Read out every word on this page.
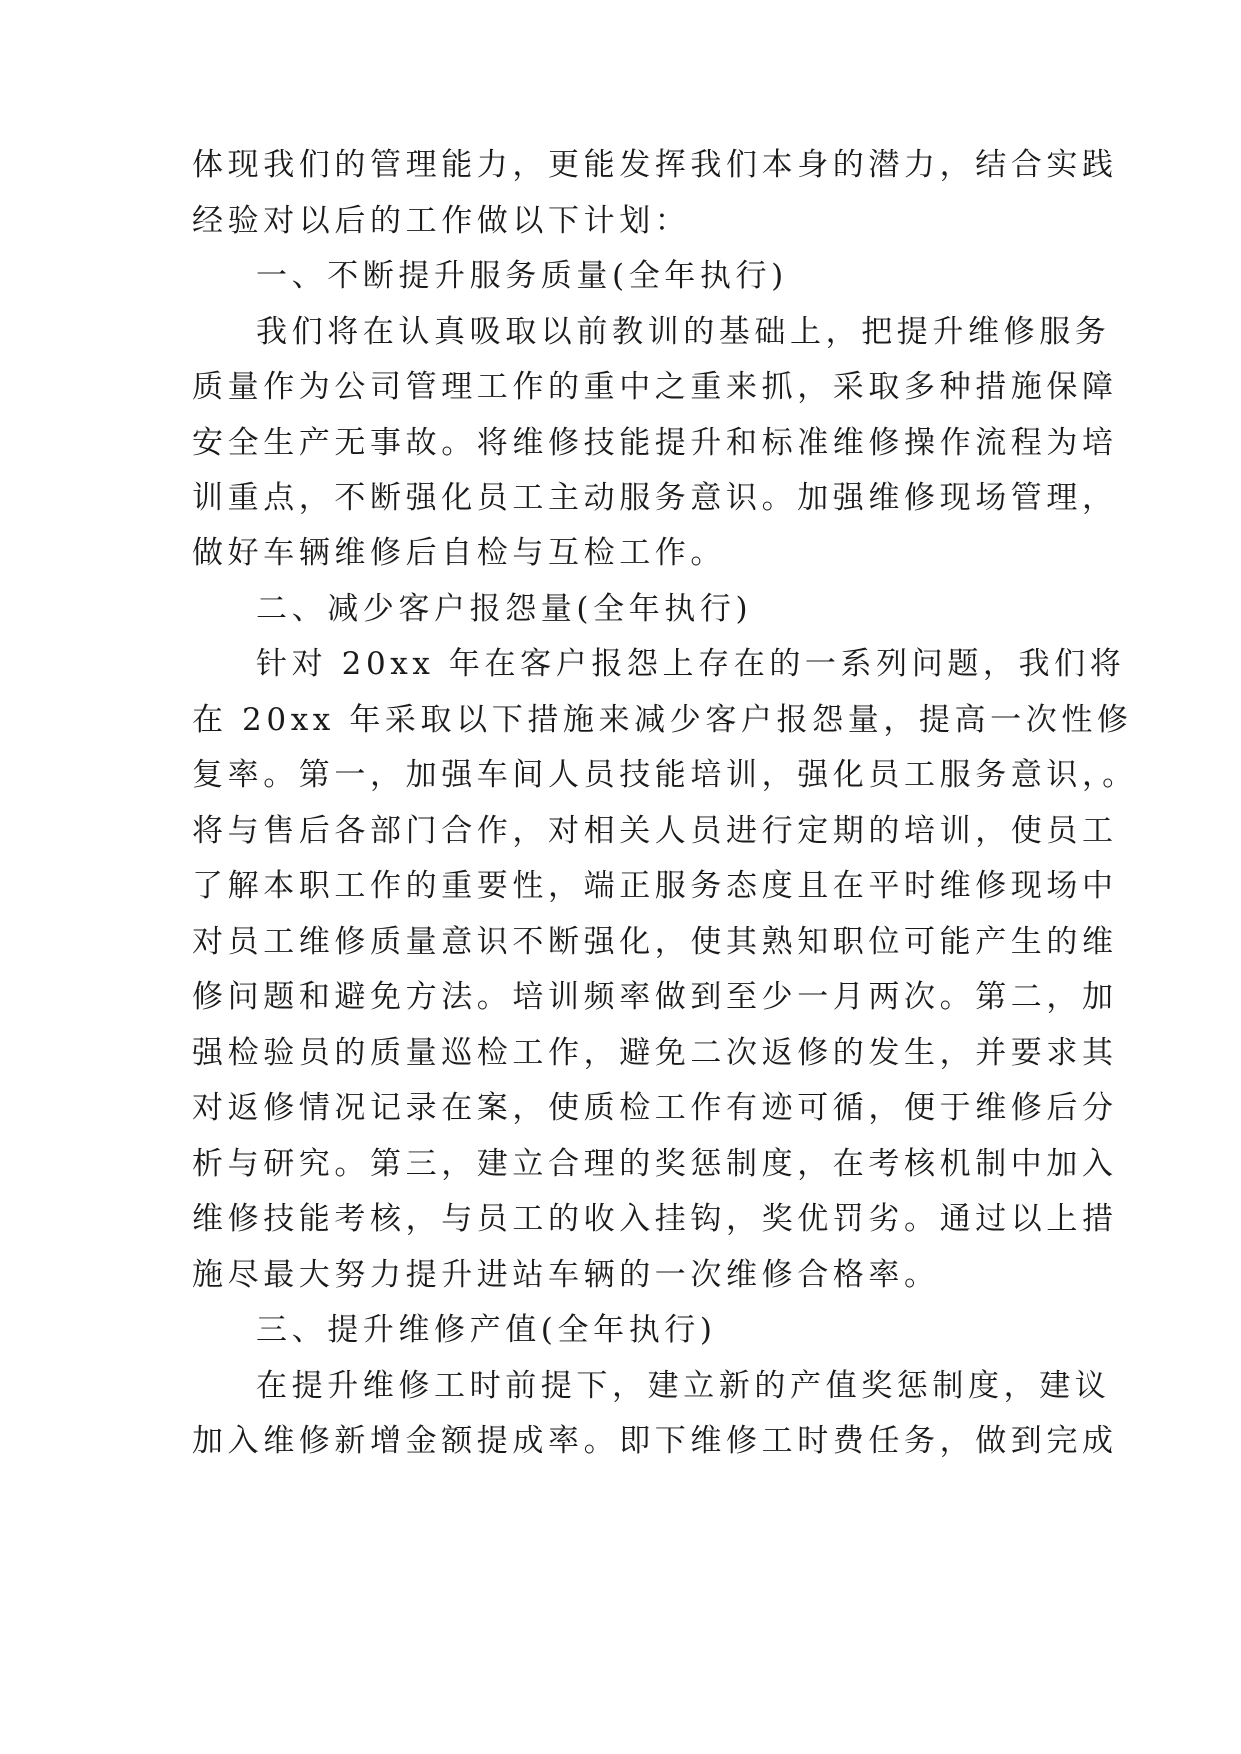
体现我们的管理能力，更能发挥我们本身的潜力，结合实践
经验对以后的工作做以下计划：
一、不断提升服务质量(全年执行)
我们将在认真吸取以前教训的基础上，把提升维修服务
质量作为公司管理工作的重中之重来抓，采取多种措施保障
安全生产无事故。将维修技能提升和标准维修操作流程为培
训重点，不断强化员工主动服务意识。加强维修现场管理，
做好车辆维修后自检与互检工作。
二、减少客户报怨量(全年执行)
针对 20xx 年在客户报怨上存在的一系列问题，我们将
在 20xx 年采取以下措施来减少客户报怨量，提高一次性修
复率。第一，加强车间人员技能培训，强化员工服务意识，。
将与售后各部门合作，对相关人员进行定期的培训，使员工
了解本职工作的重要性，端正服务态度且在平时维修现场中
对员工维修质量意识不断强化，使其熟知职位可能产生的维
修问题和避免方法。培训频率做到至少一月两次。第二，加
强检验员的质量巡检工作，避免二次返修的发生，并要求其
对返修情况记录在案，使质检工作有迹可循，便于维修后分
析与研究。第三，建立合理的奖惩制度，在考核机制中加入
维修技能考核，与员工的收入挂钩，奖优罚劣。通过以上措
施尽最大努力提升进站车辆的一次维修合格率。
三、提升维修产值(全年执行)
在提升维修工时前提下，建立新的产值奖惩制度，建议
加入维修新增金额提成率。即下维修工时费任务，做到完成
